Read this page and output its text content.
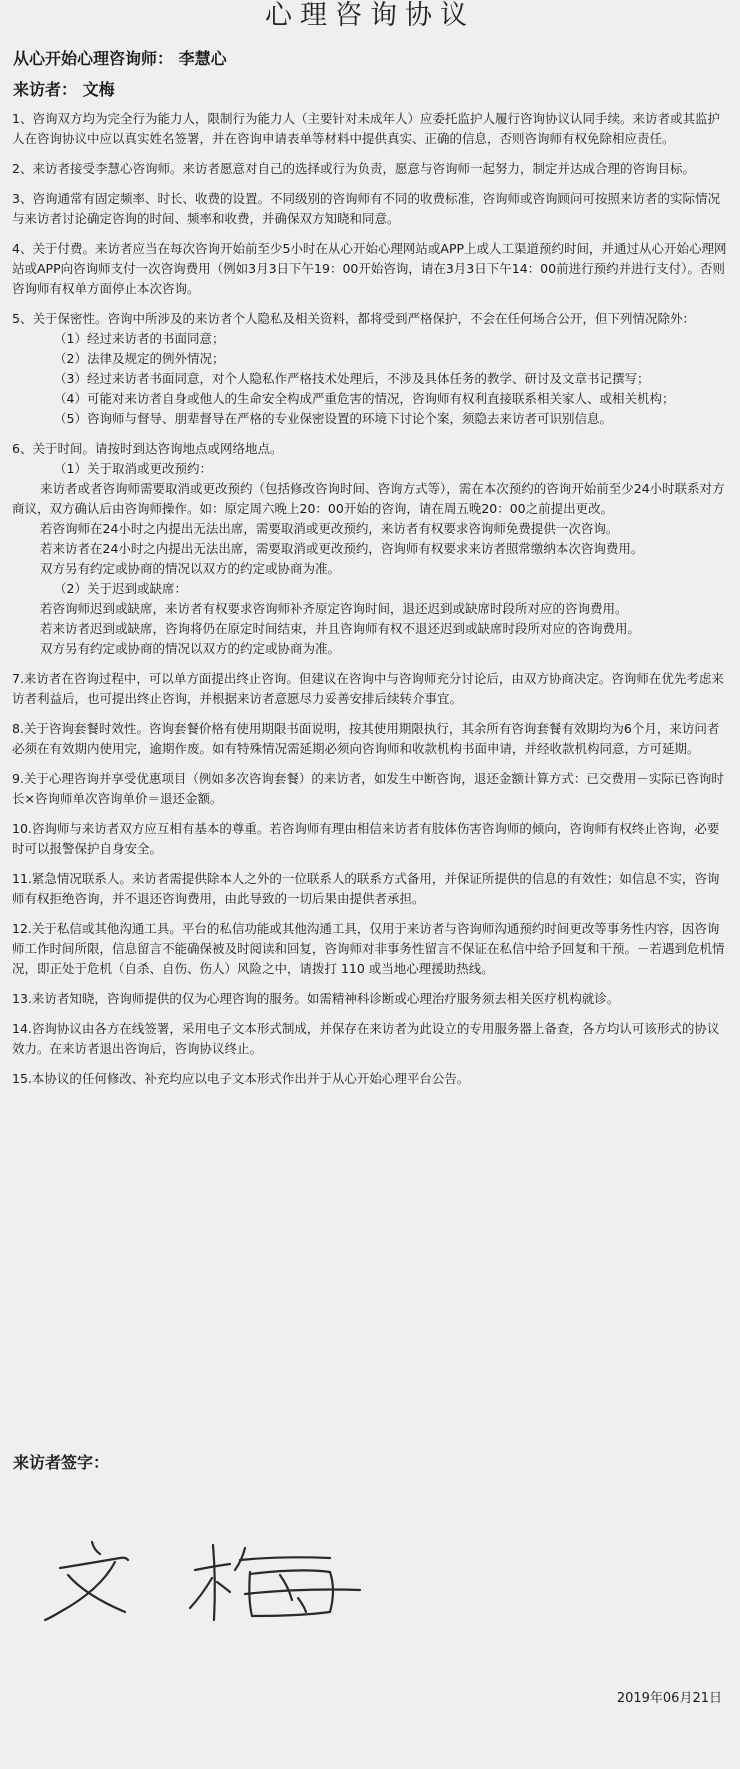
心理咨询协议
从心开始心理咨询师： 李慧心
来访者： 文梅

1、咨询双方均为完全行为能力人，限制行为能力人（主要针对未成年人）应委托监护人履行咨询协议认同手续。来访者或其监护人在咨询协议中应以真实姓名签署，并在咨询申请表单等材料中提供真实、正确的信息，否则咨询师有权免除相应责任。

2、来访者接受李慧心咨询师。来访者愿意对自己的选择或行为负责，愿意与咨询师一起努力，制定并达成合理的咨询目标。

3、咨询通常有固定频率、时长、收费的设置。不同级别的咨询师有不同的收费标准，咨询师或咨询顾问可按照来访者的实际情况与来访者讨论确定咨询的时间、频率和收费，并确保双方知晓和同意。

4、关于付费。来访者应当在每次咨询开始前至少5小时在从心开始心理网站或APP上或人工渠道预约时间，并通过从心开始心理网站或APP向咨询师支付一次咨询费用（例如3月3日下午19：00开始咨询，请在3月3日下午14：00前进行预约并进行支付）。否则咨询师有权单方面停止本次咨询。

5、关于保密性。咨询中所涉及的来访者个人隐私及相关资料，都将受到严格保护，不会在任何场合公开，但下列情况除外：

（1）经过来访者的书面同意；

（2）法律及规定的例外情况；

（3）经过来访者书面同意，对个人隐私作严格技术处理后，不涉及具体任务的教学、研讨及文章书记撰写；

（4）可能对来访者自身或他人的生命安全构成严重危害的情况，咨询师有权利直接联系相关家人、或相关机构；

（5）咨询师与督导、朋辈督导在严格的专业保密设置的环境下讨论个案，须隐去来访者可识别信息。

6、关于时间。请按时到达咨询地点或网络地点。

（1）关于取消或更改预约：

来访者或者咨询师需要取消或更改预约（包括修改咨询时间、咨询方式等），需在本次预约的咨询开始前至少24小时联系对方商议，双方确认后由咨询师操作。如：原定周六晚上20：00开始的咨询，请在周五晚20：00之前提出更改。

若咨询师在24小时之内提出无法出席，需要取消或更改预约，来访者有权要求咨询师免费提供一次咨询。

若来访者在24小时之内提出无法出席，需要取消或更改预约，咨询师有权要求来访者照常缴纳本次咨询费用。

双方另有约定或协商的情况以双方的约定或协商为准。

（2）关于迟到或缺席：

若咨询师迟到或缺席，来访者有权要求咨询师补齐原定咨询时间，退还迟到或缺席时段所对应的咨询费用。

若来访者迟到或缺席，咨询将仍在原定时间结束，并且咨询师有权不退还迟到或缺席时段所对应的咨询费用。

双方另有约定或协商的情况以双方的约定或协商为准。

7.来访者在咨询过程中，可以单方面提出终止咨询。但建议在咨询中与咨询师充分讨论后，由双方协商决定。咨询师在优先考虑来访者利益后，也可提出终止咨询，并根据来访者意愿尽力妥善安排后续转介事宜。

8.关于咨询套餐时效性。咨询套餐价格有使用期限书面说明，按其使用期限执行，其余所有咨询套餐有效期均为6个月，来访问者必须在有效期内使用完，逾期作废。如有特殊情况需延期必须向咨询师和收款机构书面申请，并经收款机构同意，方可延期。

9.关于心理咨询并享受优惠项目（例如多次咨询套餐）的来访者，如发生中断咨询，退还金额计算方式：已交费用－实际已咨询时长×咨询师单次咨询单价＝退还金额。

10.咨询师与来访者双方应互相有基本的尊重。若咨询师有理由相信来访者有肢体伤害咨询师的倾向，咨询师有权终止咨询，必要时可以报警保护自身安全。

11.紧急情况联系人。来访者需提供除本人之外的一位联系人的联系方式备用，并保证所提供的信息的有效性；如信息不实，咨询师有权拒绝咨询，并不退还咨询费用，由此导致的一切后果由提供者承担。

12.关于私信或其他沟通工具。平台的私信功能或其他沟通工具，仅用于来访者与咨询师沟通预约时间更改等事务性内容，因咨询师工作时间所限，信息留言不能确保被及时阅读和回复，咨询师对非事务性留言不保证在私信中给予回复和干预。－若遇到危机情况，即正处于危机（自杀、自伤、伤人）风险之中，请拨打 110 或当地心理援助热线。

13.来访者知晓，咨询师提供的仅为心理咨询的服务。如需精神科诊断或心理治疗服务须去相关医疗机构就诊。

14.咨询协议由各方在线签署，采用电子文本形式制成，并保存在来访者为此设立的专用服务器上备查，各方均认可该形式的协议效力。在来访者退出咨询后，咨询协议终止。

15.本协议的任何修改、补充均应以电子文本形式作出并于从心开始心理平台公告。

来访者签字：
2019年06月21日
